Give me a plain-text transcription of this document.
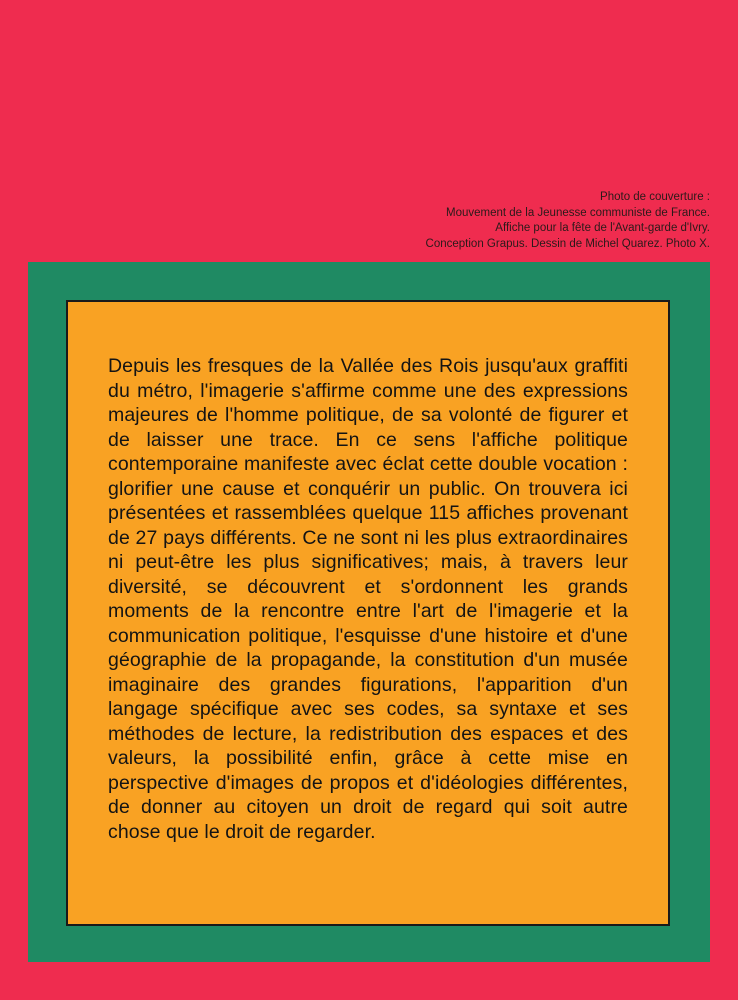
Photo de couverture :
Mouvement de la Jeunesse communiste de France.
Affiche pour la fête de l'Avant-garde d'Ivry.
Conception Grapus. Dessin de Michel Quarez. Photo X.

Depuis les fresques de la Vallée des Rois jusqu'aux graffiti du métro, l'imagerie s'affirme comme une des expressions majeures de l'homme politique, de sa volonté de figurer et de laisser une trace. En ce sens l'affiche politique contemporaine manifeste avec éclat cette double vocation : glorifier une cause et conquérir un public. On trouvera ici présentées et rassemblées quelque 115 affiches provenant de 27 pays différents. Ce ne sont ni les plus extraordinaires ni peut-être les plus significatives; mais, à travers leur diversité, se découvrent et s'ordonnent les grands moments de la rencontre entre l'art de l'imagerie et la communication politique, l'esquisse d'une histoire et d'une géographie de la propagande, la constitution d'un musée imaginaire des grandes figurations, l'apparition d'un langage spécifique avec ses codes, sa syntaxe et ses méthodes de lecture, la redistribution des espaces et des valeurs, la possibilité enfin, grâce à cette mise en perspective d'images de propos et d'idéologies différentes, de donner au citoyen un droit de regard qui soit autre chose que le droit de regarder.
